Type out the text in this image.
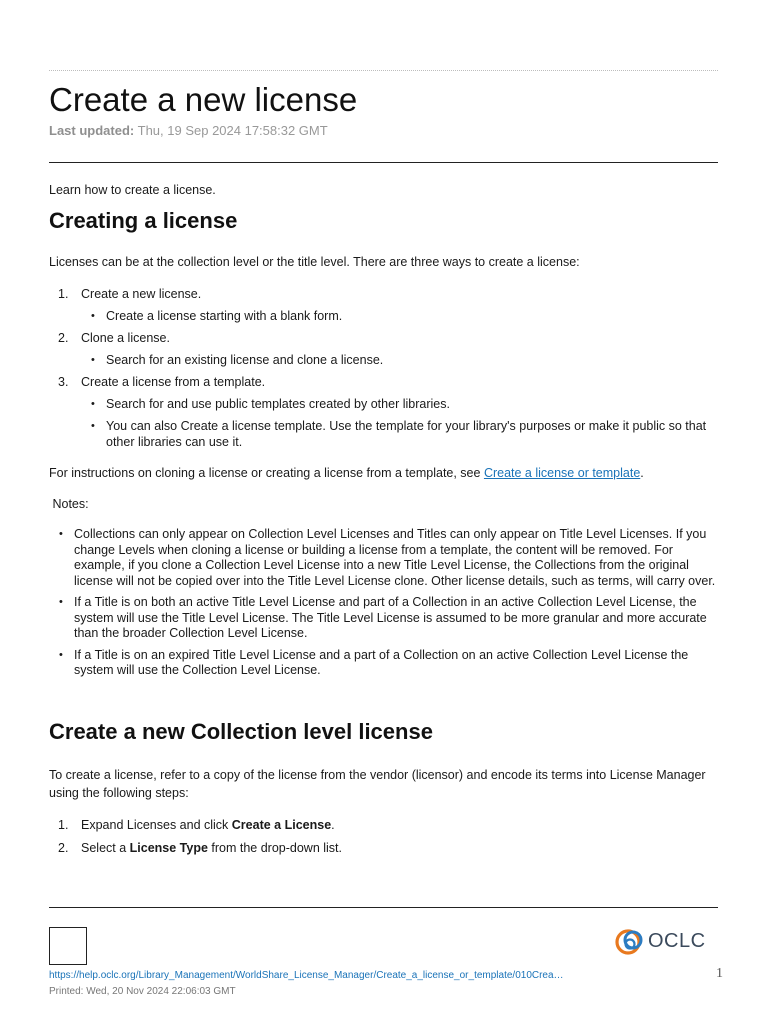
Create a new license
Last updated: Thu, 19 Sep 2024 17:58:32 GMT

Learn how to create a license.

Creating a license

Licenses can be at the collection level or the title level. There are three ways to create a license:

1. Create a new license.
• Create a license starting with a blank form.
2. Clone a license.
• Search for an existing license and clone a license.
3. Create a license from a template.
• Search for and use public templates created by other libraries.
• You can also Create a license template. Use the template for your library's purposes or make it public so that other libraries can use it.

For instructions on cloning a license or creating a license from a template, see Create a license or template.

Notes:

• Collections can only appear on Collection Level Licenses and Titles can only appear on Title Level Licenses. If you change Levels when cloning a license or building a license from a template, the content will be removed. For example, if you clone a Collection Level License into a new Title Level License, the Collections from the original license will not be copied over into the Title Level License clone. Other license details, such as terms, will carry over.
• If a Title is on both an active Title Level License and part of a Collection in an active Collection Level License, the system will use the Title Level License. The Title Level License is assumed to be more granular and more accurate than the broader Collection Level License.
• If a Title is on an expired Title Level License and a part of a Collection on an active Collection Level License the system will use the Collection Level License.
Create a new Collection level license

To create a license, refer to a copy of the license from the vendor (licensor) and encode its terms into License Manager using the following steps:

1. Expand Licenses and click Create a License.
2. Select a License Type from the drop-down list.
OCLC
https://help.oclc.org/Library_Management/WorldShare_License_Manager/Create_a_license_or_template/010Crea…
Printed: Wed, 20 Nov 2024 22:06:03 GMT
1
